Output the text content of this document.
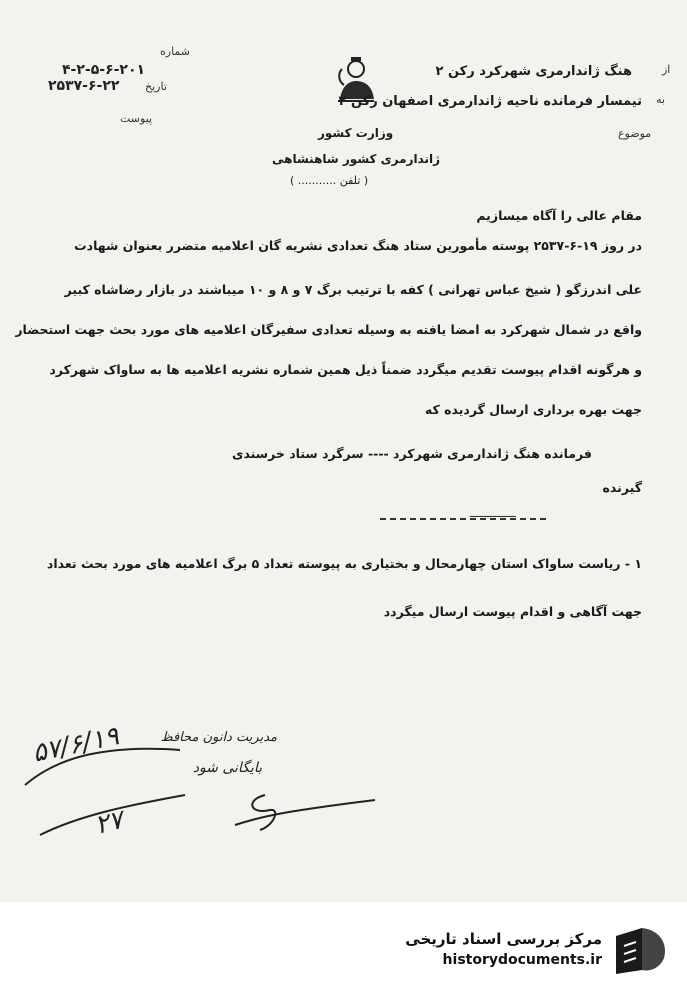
شماره
۴-۲-۵-۶-۲۰۱
تاریخ
۲۵۳۷-۶-۲۲
پیوست
از
به
موضوع
هنگ ژاندارمری شهرکرد رکن ۲
تیمسار فرمانده ناحیه ژاندارمری اصفهان رکن ۲
وزارت کشور
ژاندارمری کشور شاهنشاهی
( تلفن ........... )
مقام عالی را آگاه میسازیم
در روز ۱۹-۶-۲۵۳۷ پوسته مأمورین ستاد هنگ تعدادی نشریه گان اعلامیه متضرر بعنوان شهادت
علی اندرزگو ( شیخ عباس تهرانی ) کفه با ترتیب برگ ۷ و ۸ و ۱۰ میباشند در بازار رضاشاه کبیر
واقع در شمال شهرکرد به امضا یافته به وسیله تعدادی سفیرگان اعلامیه های مورد بحث جهت استحضار
و هرگونه اقدام پیوست تقدیم میگردد ضمناً ذیل همین شماره نشریه اعلامیه ها به ساواک شهرکرد
جهت بهره برداری ارسال گردیده که
فرمانده هنگ ژاندارمری شهرکرد ---- سرگرد ستاد خرسندی
گیرنده
ـــــــــــــ
۱ - ریاست ساواک استان چهارمحال و بختیاری به پیوسته تعداد ۵ برگ اعلامیه های مورد بحث تعداد
جهت آگاهی و اقدام پیوست ارسال میگردد
۵۷/۶/۱۹
۲۷
مدیریت دانون محافظ
بایگانی شود
مرکز بررسی اسناد تاریخی
historydocuments.ir
